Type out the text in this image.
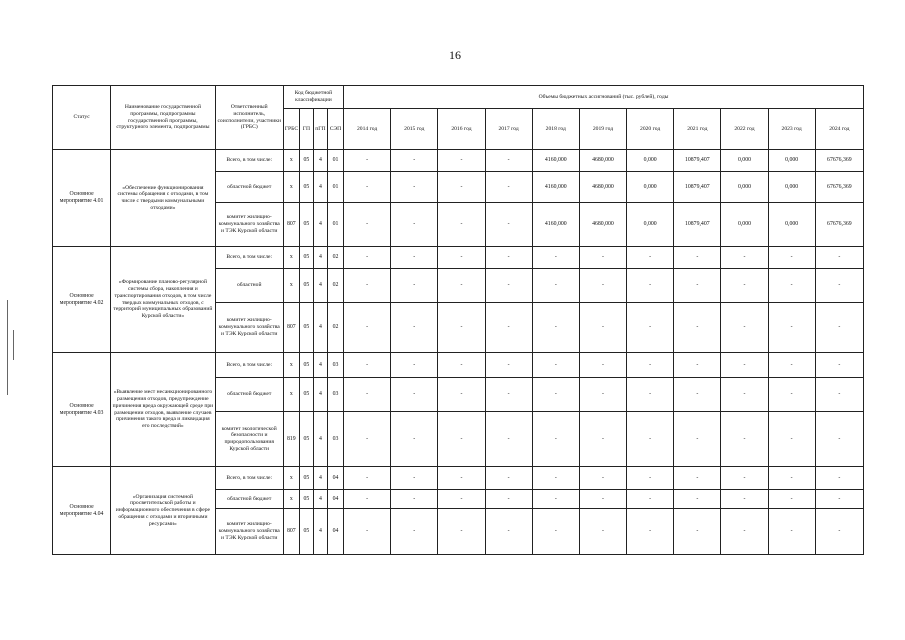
16
Статус	Наименование государственной программы, подпрограммы государственной программы, структурного элемента, подпрограммы	Ответственный исполнитель, соисполнители, участники (ГРБС)	Код бюджетной классификации				Объемы бюджетных ассигнований (тыс. рублей), годы										
			ГРБС	ГП	пГП	СЭП	2014 год	2015 год	2016 год	2017 год	2018 год	2019 год	2020 год	2021 год	2022 год	2023 год	2024 год
Основное мероприятие 4.01	«Обеспечение функционирования системы обращения с отходами, в том числе с твердыми коммунальными отходами»	Всего, в том числе:	х	05	4	01	-	-	-	-	4160,000	4680,000	0,000	10879,407	0,000	0,000	67676,369
		областной бюджет	х	05	4	01	-	-	-	-	4160,000	4680,000	0,000	10879,407	0,000	0,000	67676,369
		комитет жилищно-коммунального хозяйства и ТЭК Курской области	807	05	4	01	-	-	-	-	4160,000	4680,000	0,000	10879,407	0,000	0,000	67676,369
Основное мероприятие 4.02	«Формирование планово-регулярной системы сбора, накопления и транспортирования отходов, в том числе твердых коммунальных отходов, с территорий муниципальных образований Курской области»	Всего, в том числе:	х	05	4	02	-	-	-	-	-	-	-	-	-	-	-
		областной	х	05	4	02	-	-	-	-	-	-	-	-	-	-	-
		комитет жилищно-коммунального хозяйства и ТЭК Курской области	807	05	4	02	-	-	-	-	-	-	-	-	-	-	-
Основное мероприятие 4.03	«Выявление мест несанкционированного размещения отходов, предупреждение причинения вреда окружающей среде при размещении отходов, выявление случаев причинения такого вреда и ликвидация его последствий»	Всего, в том числе:	х	05	4	03	-	-	-	-	-	-	-	-	-	-	-
		областной бюджет	х	05	4	03	-	-	-	-	-	-	-	-	-	-	-
		комитет экологической безопасности и природопользования Курской области	819	05	4	03	-	-	-	-	-	-	-	-	-	-	-
Основное мероприятие 4.04	«Организация системной просветительской работы и информационного обеспечения в сфере обращения с отходами и вторичными ресурсами»	Всего, в том числе:	х	05	4	04	-	-	-	-	-	-	-	-	-	-	-
		областной бюджет	х	05	4	04	-	-	-	-	-	-	-	-	-	-	-
		комитет жилищно-коммунального хозяйства и ТЭК Курской области	807	05	4	04	-	-	-	-	-	-	-	-	-	-	-
